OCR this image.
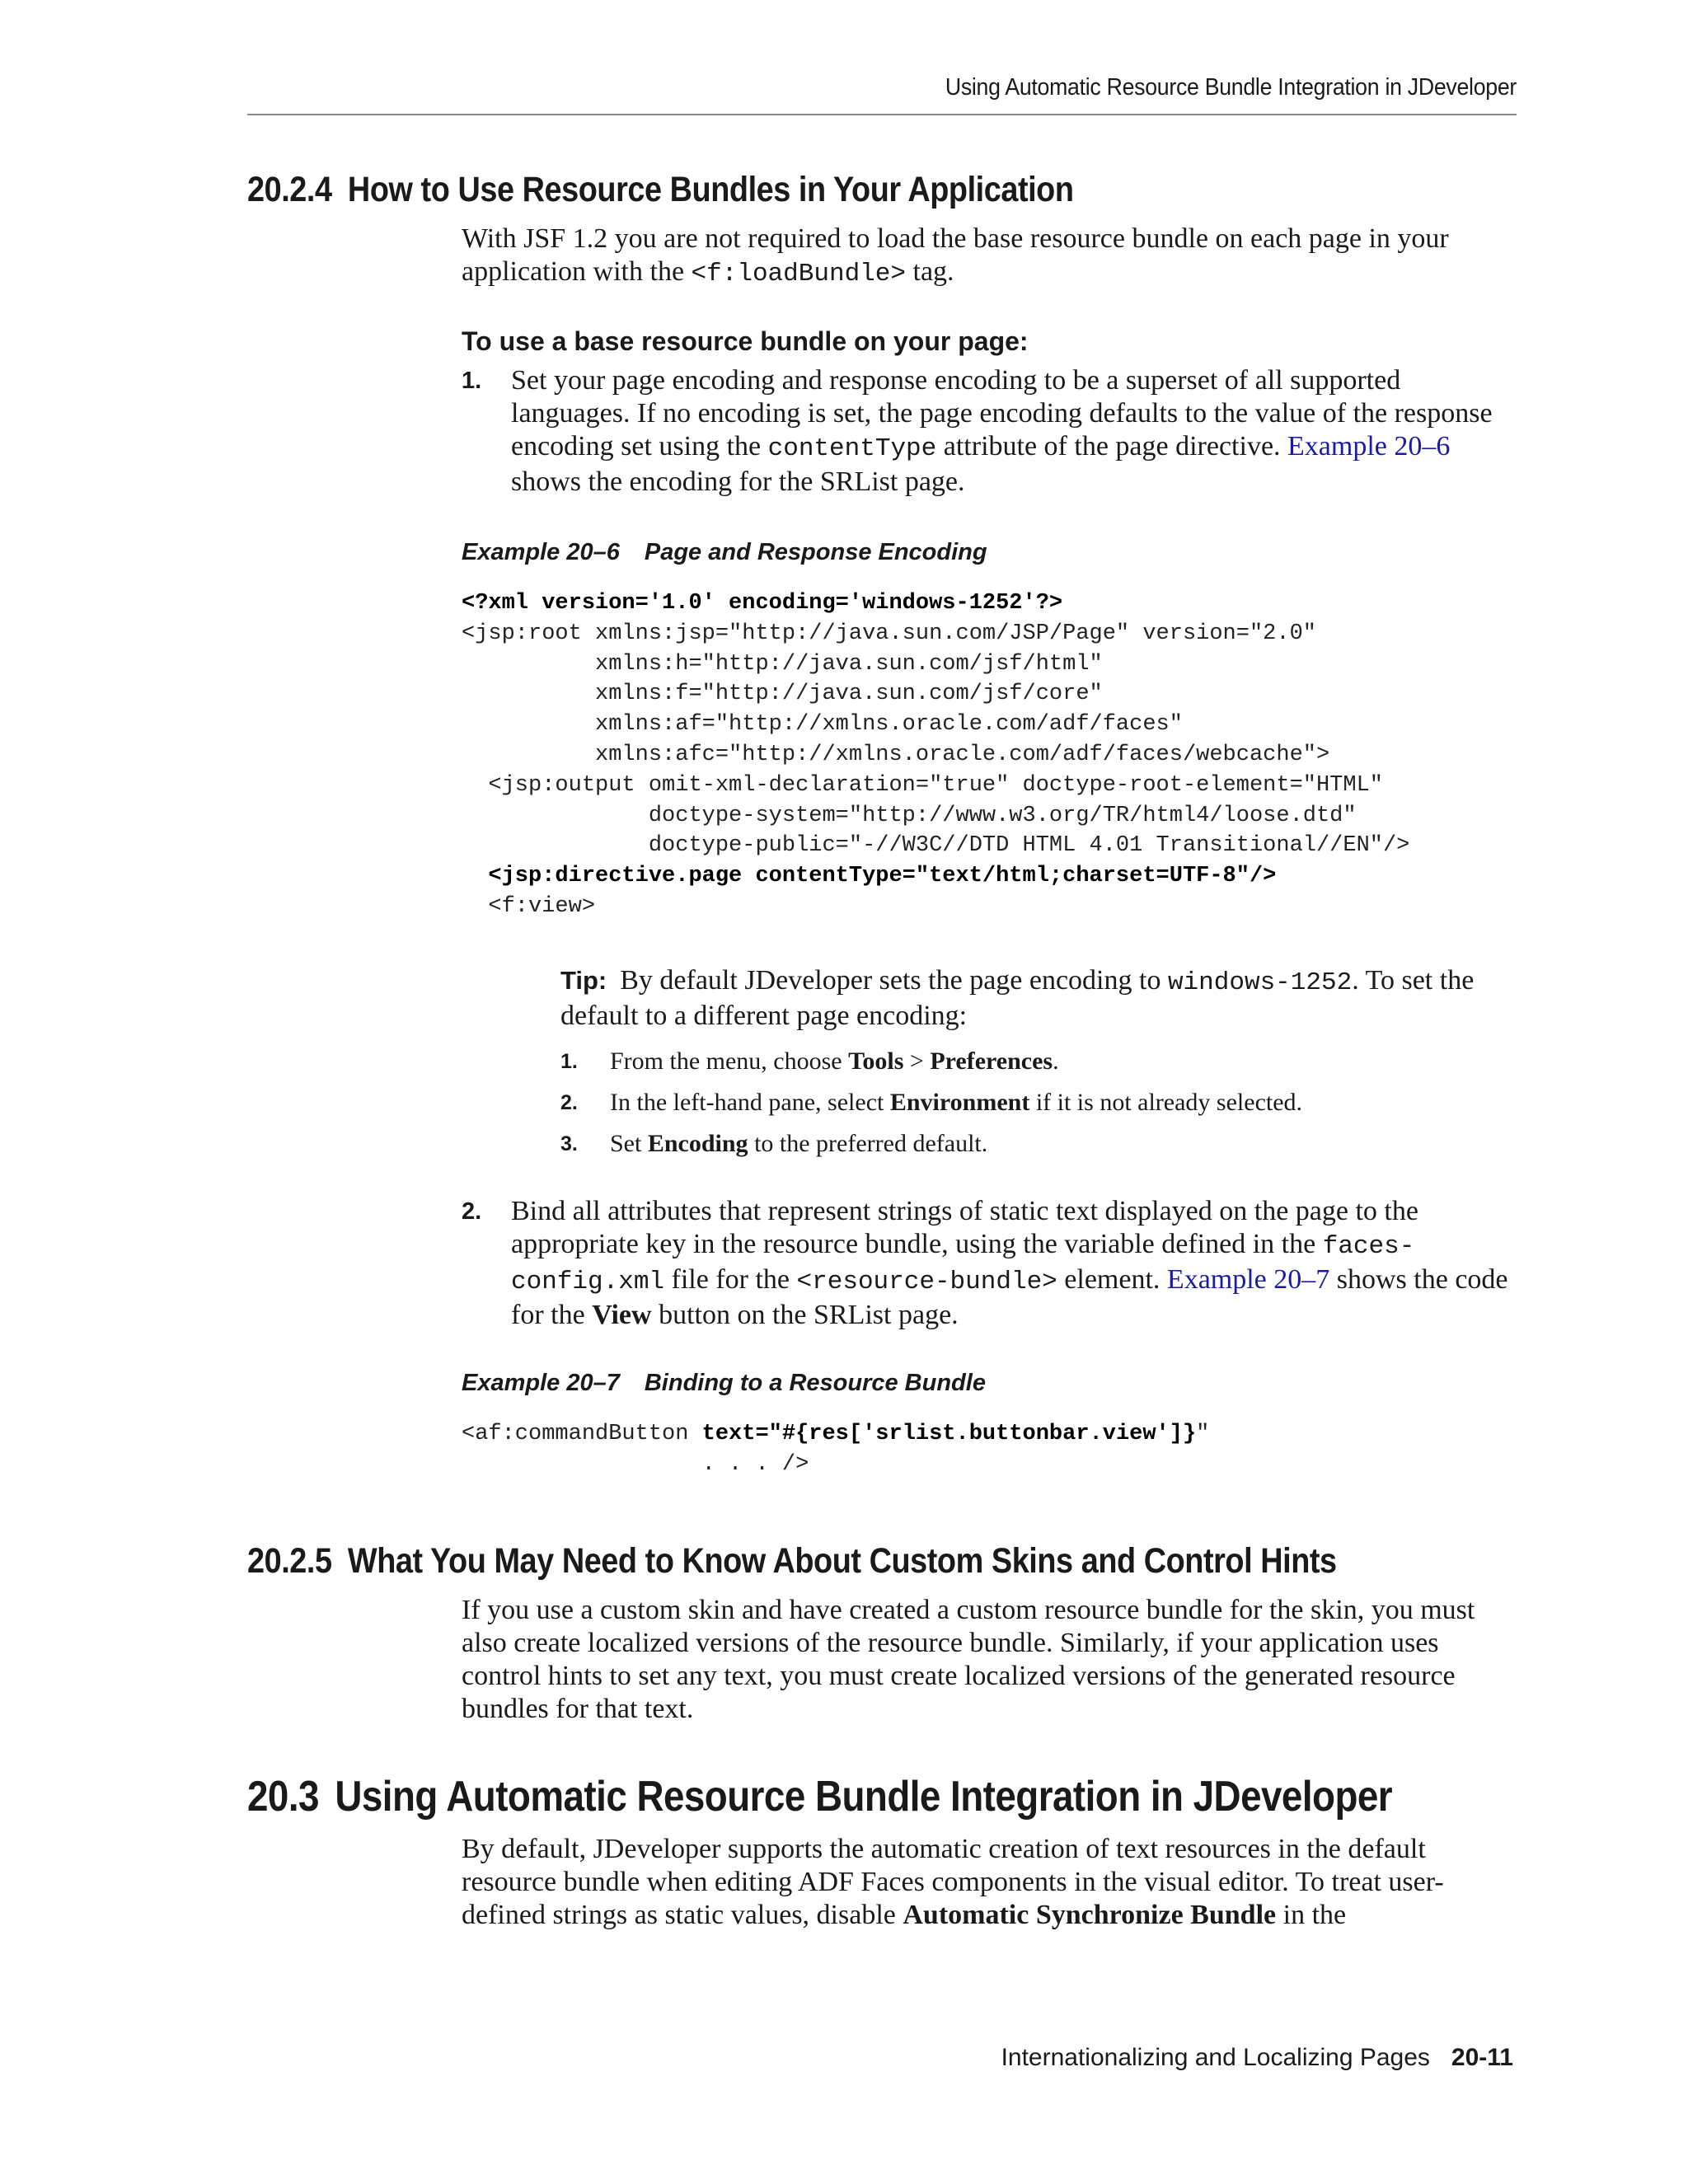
Using Automatic Resource Bundle Integration in JDeveloper
20.2.4 How to Use Resource Bundles in Your Application
With JSF 1.2 you are not required to load the base resource bundle on each page in your application with the <f:loadBundle> tag.
To use a base resource bundle on your page:
1. Set your page encoding and response encoding to be a superset of all supported languages. If no encoding is set, the page encoding defaults to the value of the response encoding set using the contentType attribute of the page directive. Example 20–6 shows the encoding for the SRList page.
Example 20–6 Page and Response Encoding
<?xml version='1.0' encoding='windows-1252'?>
<jsp:root xmlns:jsp="http://java.sun.com/JSP/Page" version="2.0"
xmlns:h="http://java.sun.com/jsf/html"
xmlns:f="http://java.sun.com/jsf/core"
xmlns:af="http://xmlns.oracle.com/adf/faces"
xmlns:afc="http://xmlns.oracle.com/adf/faces/webcache">
<jsp:output omit-xml-declaration="true" doctype-root-element="HTML"
doctype-system="http://www.w3.org/TR/html4/loose.dtd"
doctype-public="-//W3C//DTD HTML 4.01 Transitional//EN"/>
<jsp:directive.page contentType="text/html;charset=UTF-8"/>
<f:view>
Tip: By default JDeveloper sets the page encoding to windows-1252. To set the default to a different page encoding:
1. From the menu, choose Tools > Preferences.
2. In the left-hand pane, select Environment if it is not already selected.
3. Set Encoding to the preferred default.
2. Bind all attributes that represent strings of static text displayed on the page to the appropriate key in the resource bundle, using the variable defined in the faces-config.xml file for the <resource-bundle> element. Example 20–7 shows the code for the View button on the SRList page.
Example 20–7 Binding to a Resource Bundle
<af:commandButton text="#{res['srlist.buttonbar.view']}"
. . . />
20.2.5 What You May Need to Know About Custom Skins and Control Hints
If you use a custom skin and have created a custom resource bundle for the skin, you must also create localized versions of the resource bundle. Similarly, if your application uses control hints to set any text, you must create localized versions of the generated resource bundles for that text.
20.3 Using Automatic Resource Bundle Integration in JDeveloper
By default, JDeveloper supports the automatic creation of text resources in the default resource bundle when editing ADF Faces components in the visual editor. To treat user-defined strings as static values, disable Automatic Synchronize Bundle in the
Internationalizing and Localizing Pages 20-11
